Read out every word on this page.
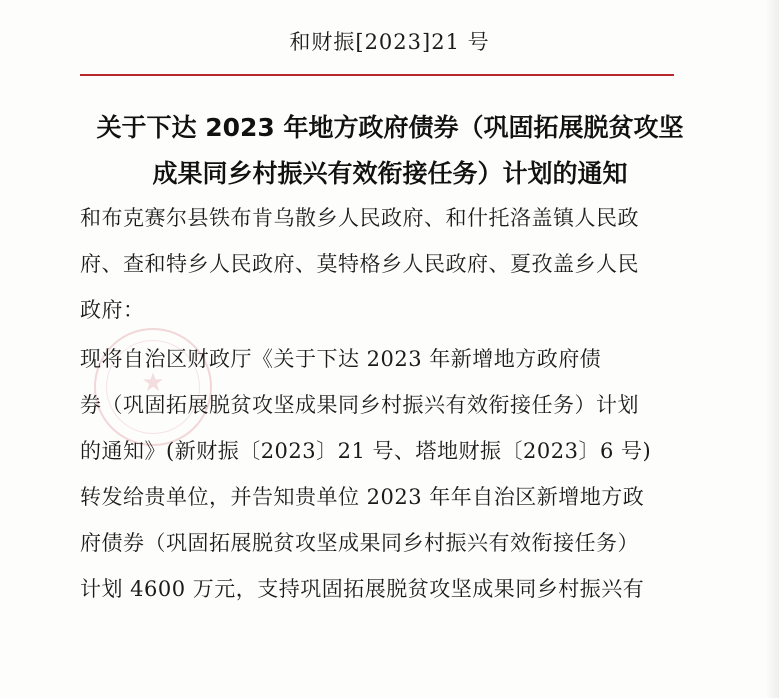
和财振[2023]21 号
关于下达 2023 年地方政府债券（巩固拓展脱贫攻坚
成果同乡村振兴有效衔接任务）计划的通知
★
和布克赛尔县铁布肯乌散乡人民政府、和什托洛盖镇人民政
府、查和特乡人民政府、莫特格乡人民政府、夏孜盖乡人民
政府：
现将自治区财政厅《关于下达 2023 年新增地方政府债
券（巩固拓展脱贫攻坚成果同乡村振兴有效衔接任务）计划
的通知》(新财振〔2023〕21 号、塔地财振〔2023〕6 号)
转发给贵单位，并告知贵单位 2023 年年自治区新增地方政
府债券（巩固拓展脱贫攻坚成果同乡村振兴有效衔接任务）
计划 4600 万元，支持巩固拓展脱贫攻坚成果同乡村振兴有
